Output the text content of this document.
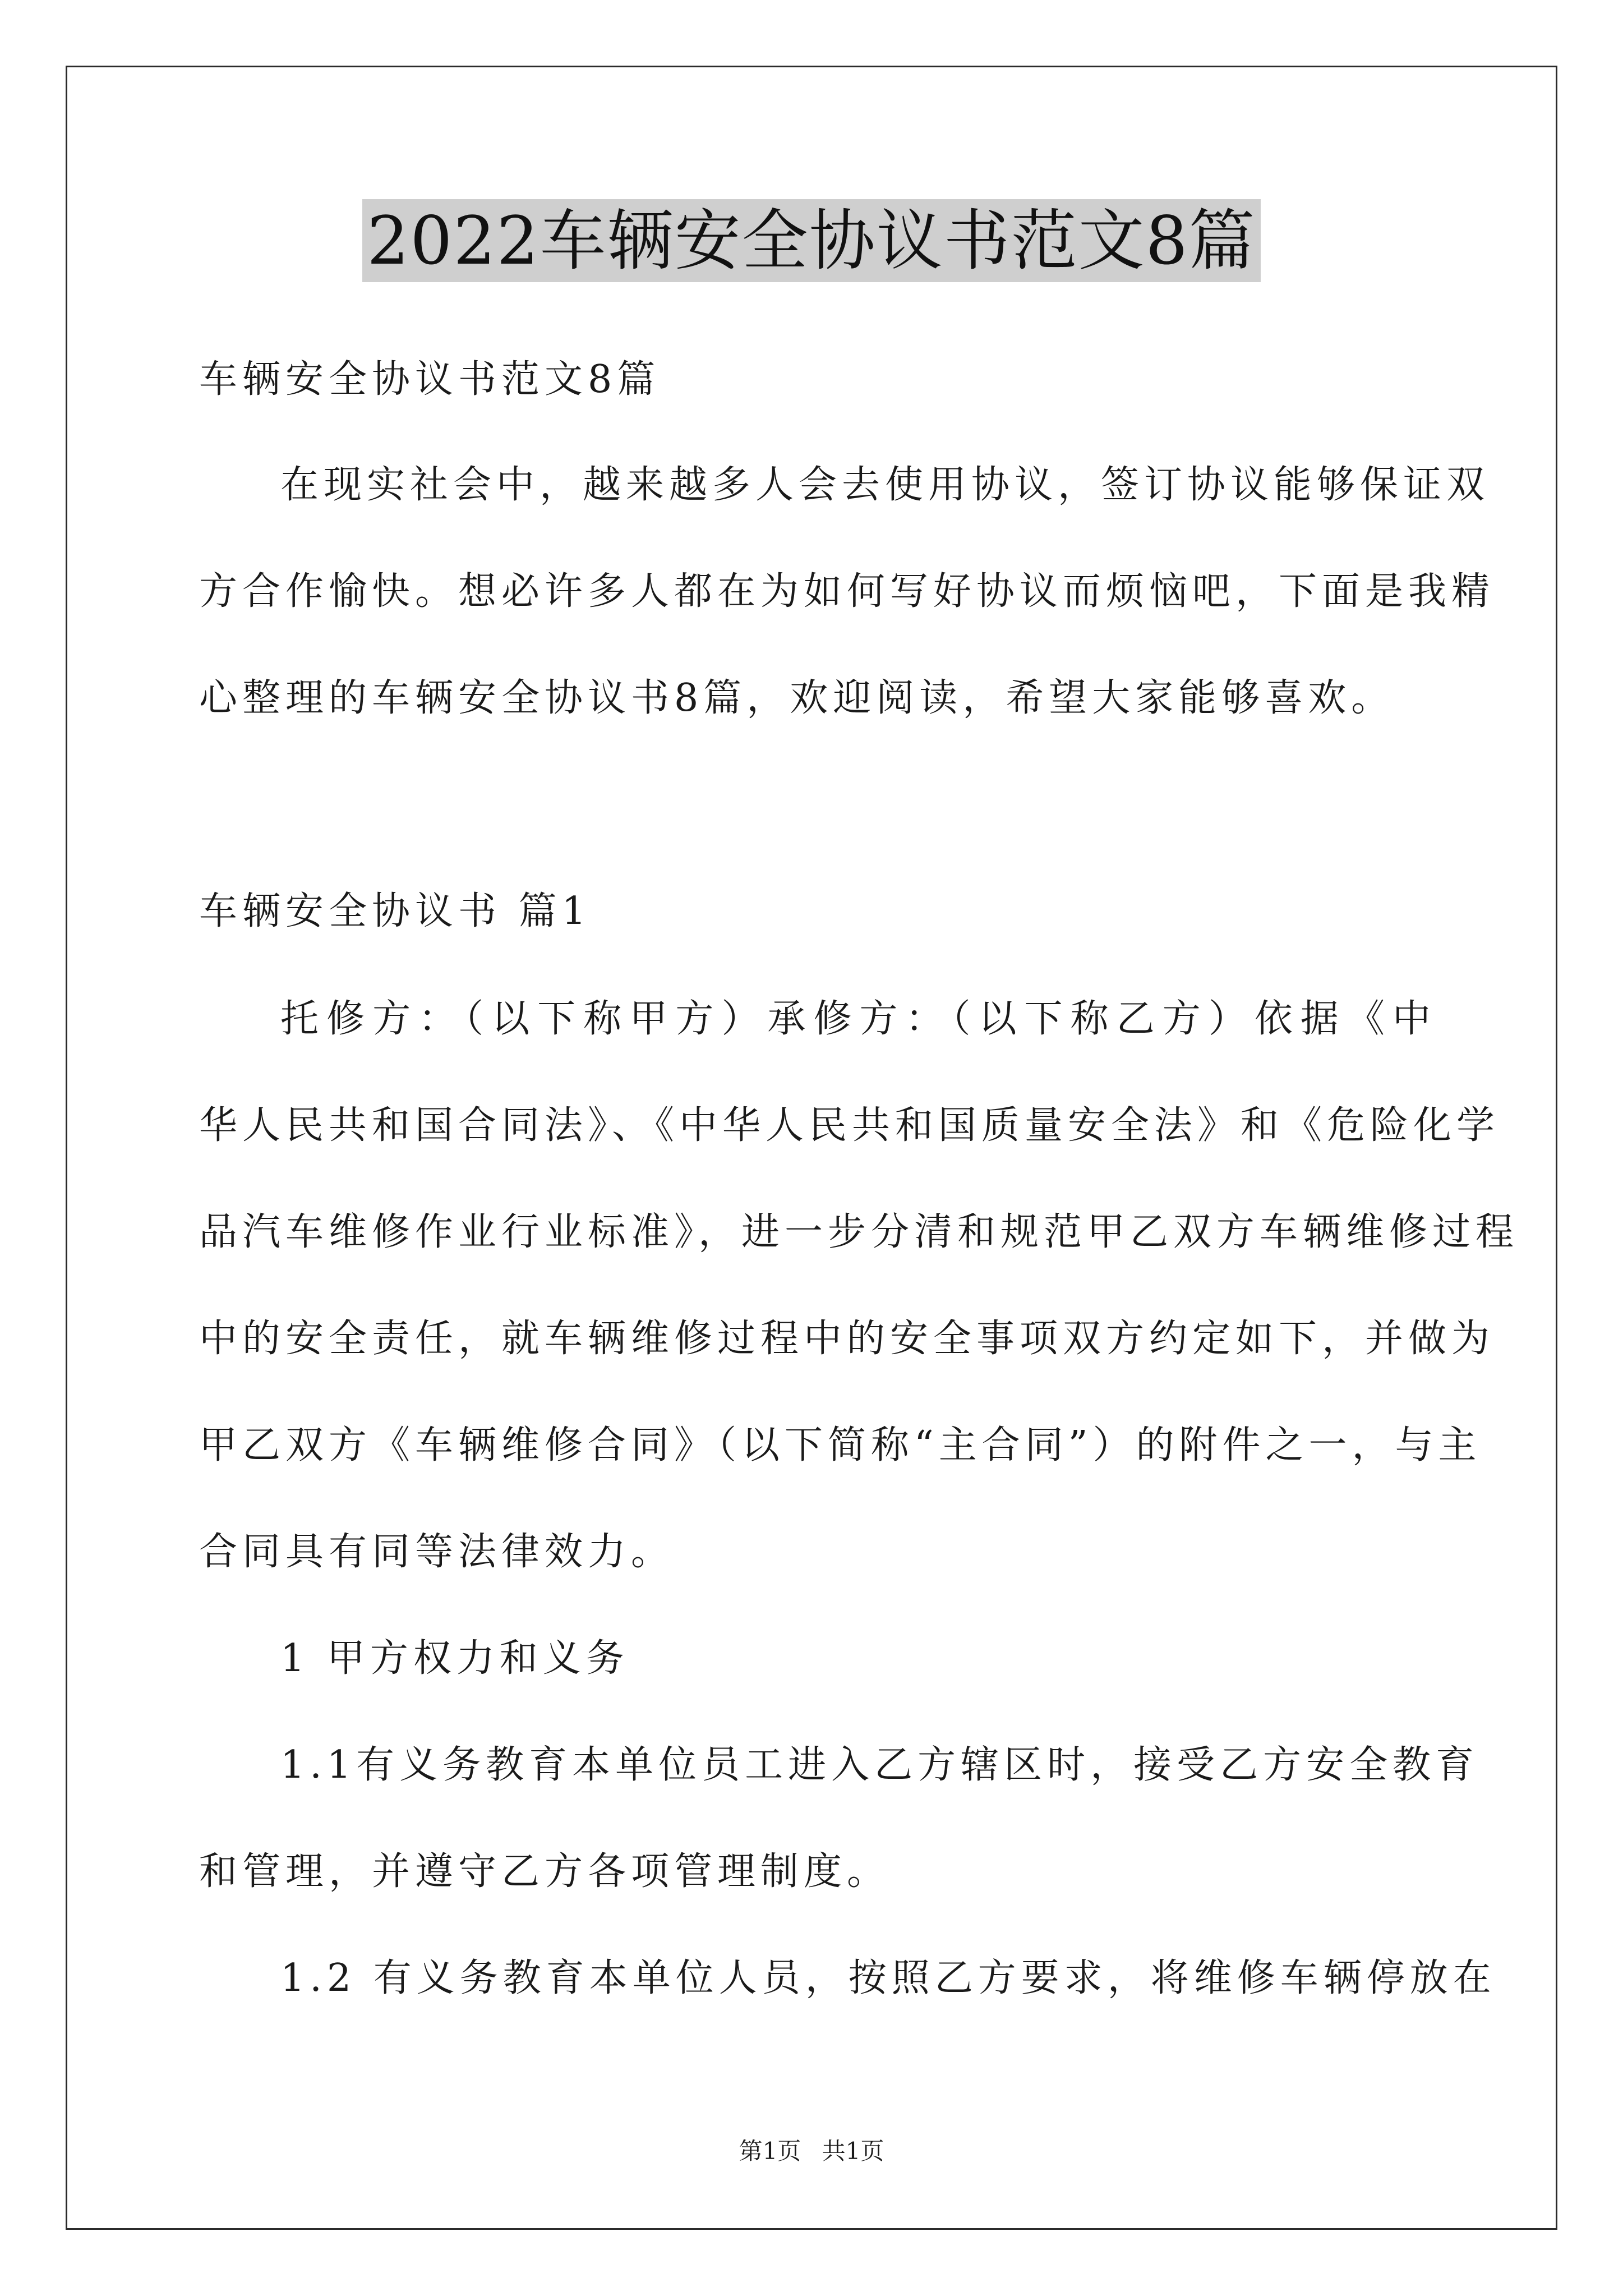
2022车辆安全协议书范文8篇
车辆安全协议书范文8篇
在现实社会中，越来越多人会去使用协议，签订协议能够保证双
方合作愉快。想必许多人都在为如何写好协议而烦恼吧，下面是我精
心整理的车辆安全协议书8篇，欢迎阅读，希望大家能够喜欢。
车辆安全协议书 篇1
托修方：（以下称甲方）承修方：（以下称乙方）依据《中
华人民共和国合同法》、《中华人民共和国质量安全法》和《危险化学
品汽车维修作业行业标准》，进一步分清和规范甲乙双方车辆维修过程
中的安全责任，就车辆维修过程中的安全事项双方约定如下，并做为
甲乙双方《车辆维修合同》（以下简称“主合同”）的附件之一，与主
合同具有同等法律效力。
1 甲方权力和义务
1.1有义务教育本单位员工进入乙方辖区时，接受乙方安全教育
和管理，并遵守乙方各项管理制度。
1.2 有义务教育本单位人员，按照乙方要求，将维修车辆停放在
第1页 共1页
